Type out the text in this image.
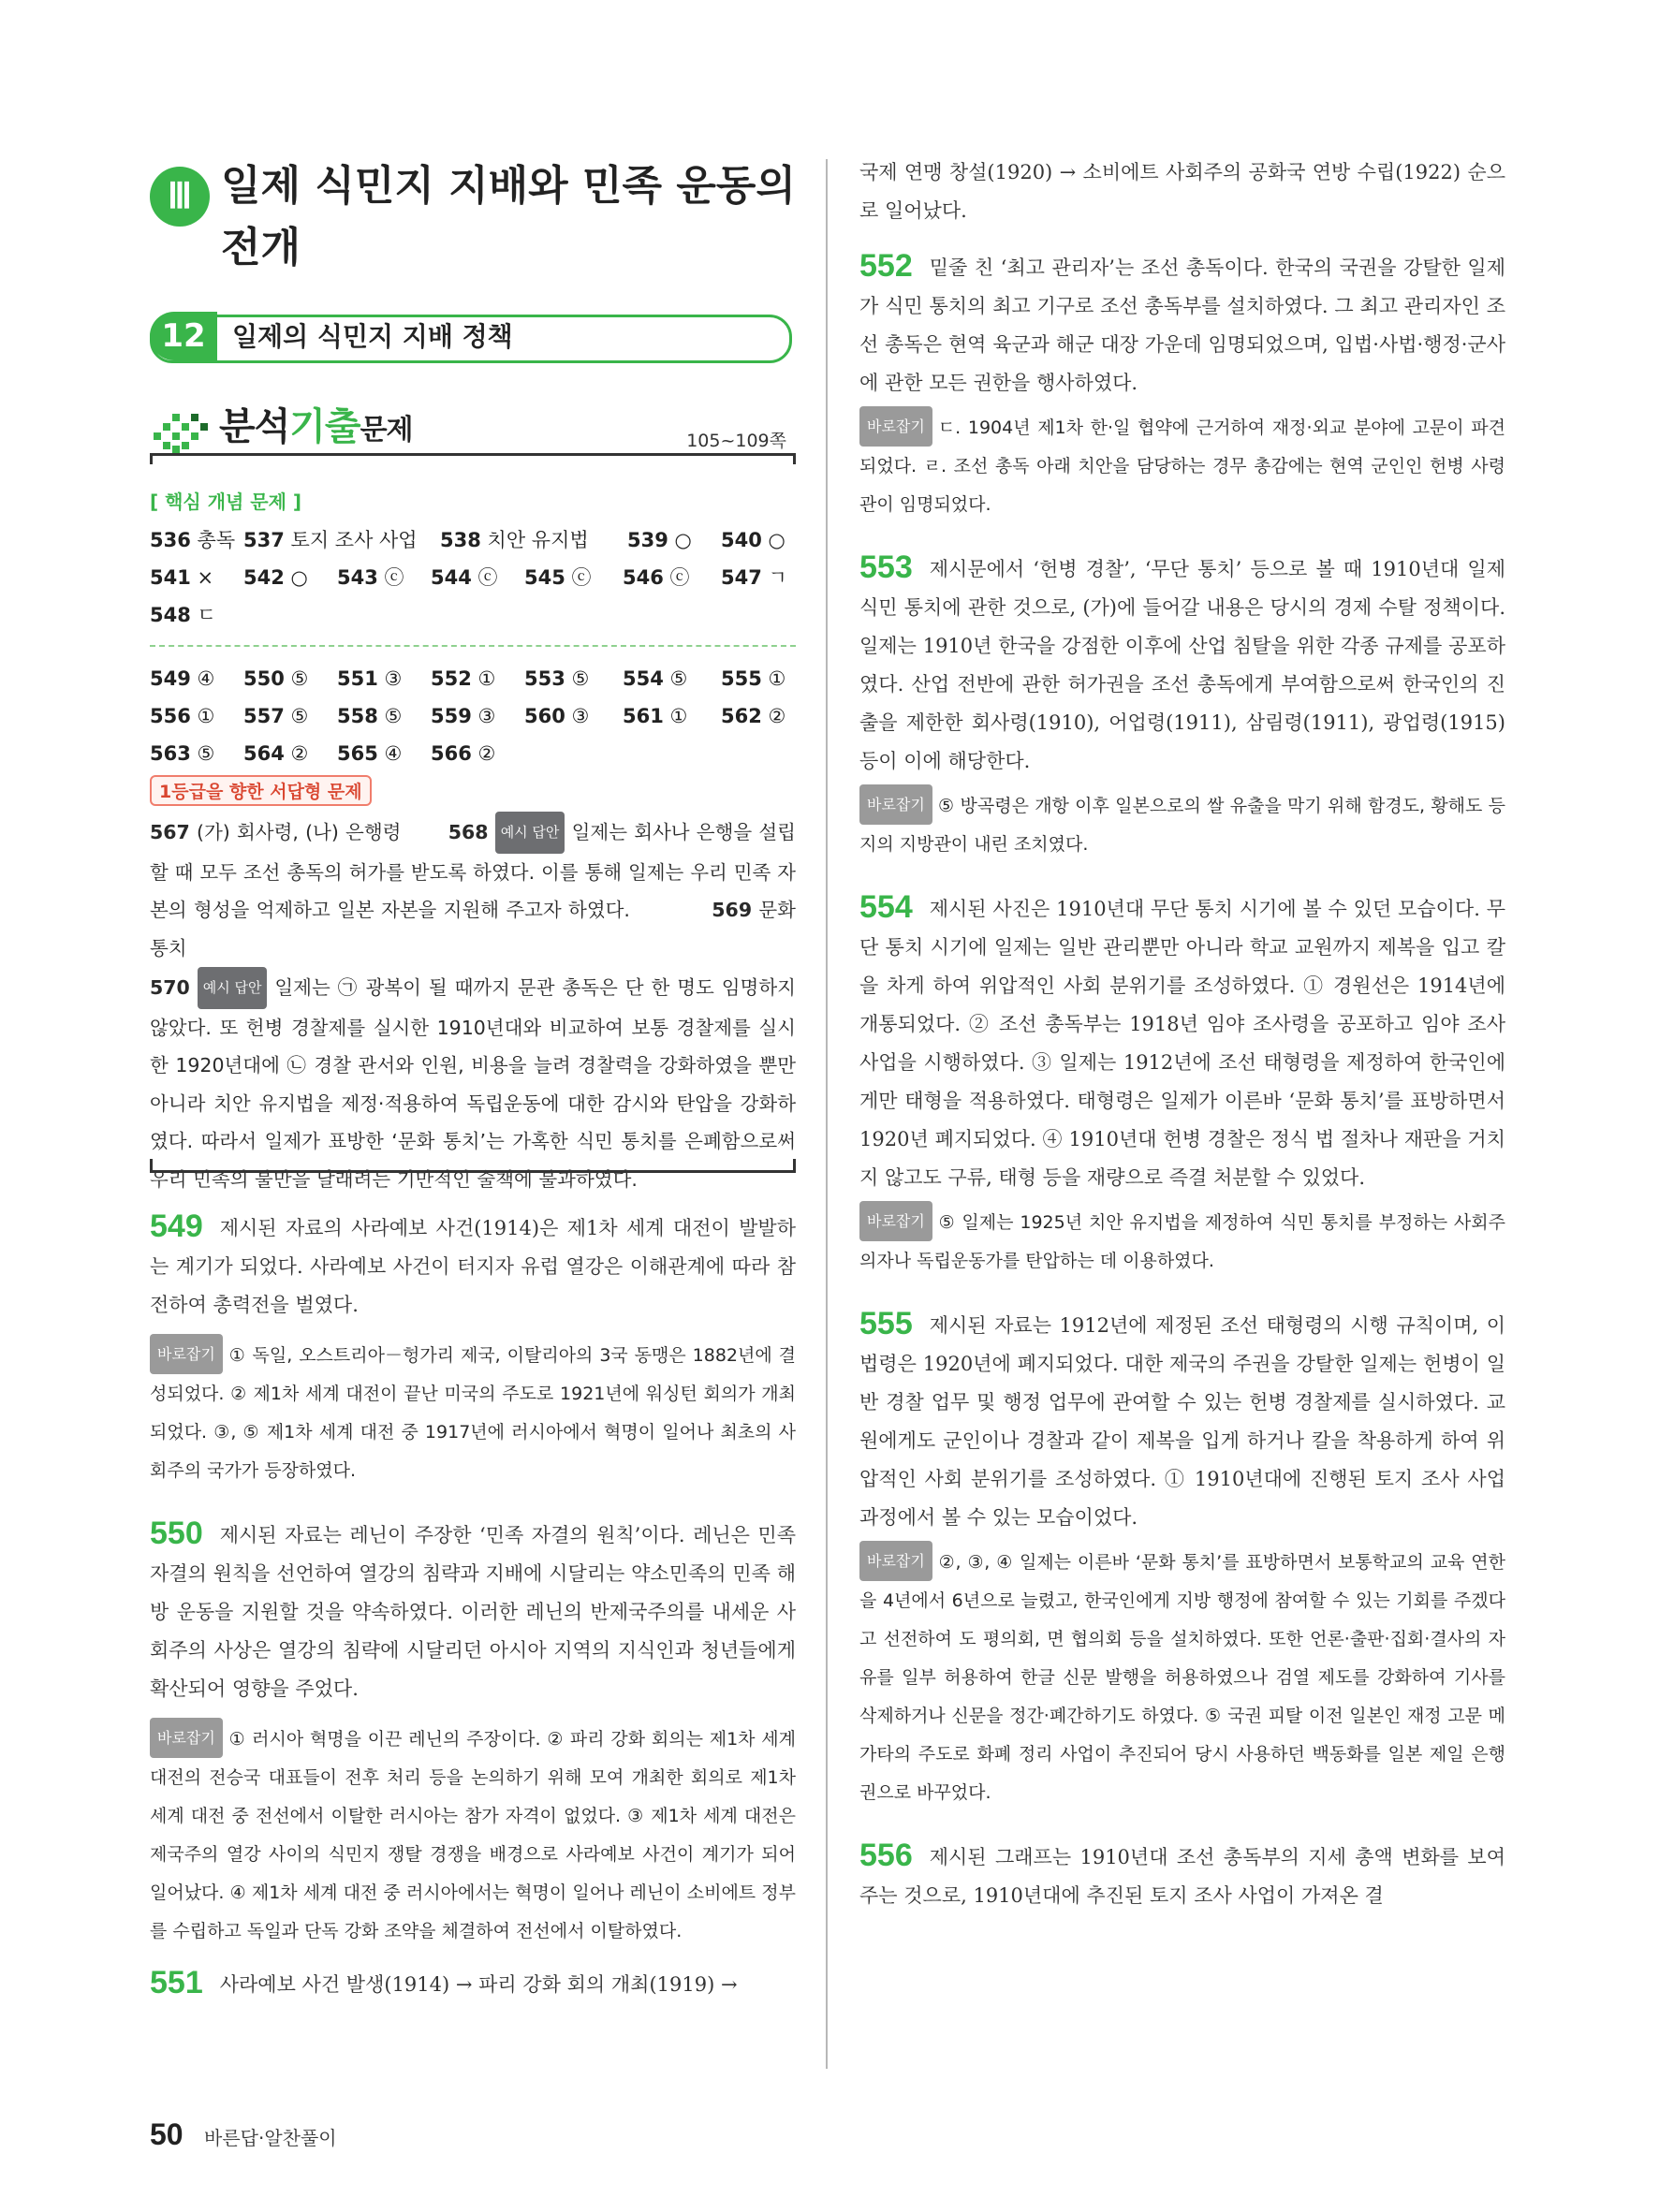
Ⅲ 일제 식민지 지배와 민족 운동의 전개
12	일제의 식민지 지배 정책
분석기출문제	105~109쪽
[ 핵심 개념 문제 ]
536 총독 537 토지 조사 사업 538 치안 유지법 539 ○ 540 ○
541 × 542 ○ 543 ⓒ 544 ⓒ 545 ⓒ 546 ⓒ 547 ㄱ
548 ㄷ
549 ④ 550 ⑤ 551 ③ 552 ① 553 ⑤ 554 ⑤ 555 ①
556 ① 557 ⑤ 558 ⑤ 559 ③ 560 ③ 561 ① 562 ②
563 ⑤ 564 ② 565 ④ 566 ②
1등급을 향한 서답형 문제

567 (가) 회사령, (나) 은행령 568 예시 답안 일제는 회사나 은행을 설립할 때 모두 조선 총독의 허가를 받도록 하였다. 이를 통해 일제는 우리 민족 자본의 형성을 억제하고 일본 자본을 지원해 주고자 하였다.	569 문화 통치

570 예시 답안 일제는 ㉠ 광복이 될 때까지 문관 총독은 단 한 명도 임명하지 않았다. 또 헌병 경찰제를 실시한 1910년대와 비교하여 보통 경찰제를 실시한 1920년대에 ㉡ 경찰 관서와 인원, 비용을 늘려 경찰력을 강화하였을 뿐만 아니라 치안 유지법을 제정·적용하여 독립운동에 대한 감시와 탄압을 강화하였다. 따라서 일제가 표방한 ‘문화 통치’는 가혹한 식민 통치를 은폐함으로써 우리 민족의 불만을 달래려는 기만적인 술책에 불과하였다.

549 제시된 자료의 사라예보 사건(1914)은 제1차 세계 대전이 발발하는 계기가 되었다. 사라예보 사건이 터지자 유럽 열강은 이해관계에 따라 참전하여 총력전을 벌였다.

바로잡기 ① 독일, 오스트리아－헝가리 제국, 이탈리아의 3국 동맹은 1882년에 결성되었다. ② 제1차 세계 대전이 끝난 미국의 주도로 1921년에 워싱턴 회의가 개최되었다. ③, ⑤ 제1차 세계 대전 중 1917년에 러시아에서 혁명이 일어나 최초의 사회주의 국가가 등장하였다.

550 제시된 자료는 레닌이 주장한 ‘민족 자결의 원칙’이다. 레닌은 민족 자결의 원칙을 선언하여 열강의 침략과 지배에 시달리는 약소민족의 민족 해방 운동을 지원할 것을 약속하였다. 이러한 레닌의 반제국주의를 내세운 사회주의 사상은 열강의 침략에 시달리던 아시아 지역의 지식인과 청년들에게 확산되어 영향을 주었다.

바로잡기 ① 러시아 혁명을 이끈 레닌의 주장이다. ② 파리 강화 회의는 제1차 세계 대전의 전승국 대표들이 전후 처리 등을 논의하기 위해 모여 개최한 회의로 제1차 세계 대전 중 전선에서 이탈한 러시아는 참가 자격이 없었다. ③ 제1차 세계 대전은 제국주의 열강 사이의 식민지 쟁탈 경쟁을 배경으로 사라예보 사건이 계기가 되어 일어났다. ④ 제1차 세계 대전 중 러시아에서는 혁명이 일어나 레닌이 소비에트 정부를 수립하고 독일과 단독 강화 조약을 체결하여 전선에서 이탈하였다.

551 사라예보 사건 발생(1914) → 파리 강화 회의 개최(1919) →

국제 연맹 창설(1920) → 소비에트 사회주의 공화국 연방 수립(1922) 순으로 일어났다.

552 밑줄 친 ‘최고 관리자’는 조선 총독이다. 한국의 국권을 강탈한 일제가 식민 통치의 최고 기구로 조선 총독부를 설치하였다. 그 최고 관리자인 조선 총독은 현역 육군과 해군 대장 가운데 임명되었으며, 입법·사법·행정·군사에 관한 모든 권한을 행사하였다.

바로잡기 ㄷ. 1904년 제1차 한·일 협약에 근거하여 재정·외교 분야에 고문이 파견되었다. ㄹ. 조선 총독 아래 치안을 담당하는 경무 총감에는 현역 군인인 헌병 사령관이 임명되었다.

553 제시문에서 ‘헌병 경찰’, ‘무단 통치’ 등으로 볼 때 1910년대 일제 식민 통치에 관한 것으로, (가)에 들어갈 내용은 당시의 경제 수탈 정책이다. 일제는 1910년 한국을 강점한 이후에 산업 침탈을 위한 각종 규제를 공포하였다. 산업 전반에 관한 허가권을 조선 총독에게 부여함으로써 한국인의 진출을 제한한 회사령(1910), 어업령(1911), 삼림령(1911), 광업령(1915) 등이 이에 해당한다.

바로잡기 ⑤ 방곡령은 개항 이후 일본으로의 쌀 유출을 막기 위해 함경도, 황해도 등지의 지방관이 내린 조치였다.

554 제시된 사진은 1910년대 무단 통치 시기에 볼 수 있던 모습이다. 무단 통치 시기에 일제는 일반 관리뿐만 아니라 학교 교원까지 제복을 입고 칼을 차게 하여 위압적인 사회 분위기를 조성하였다. ① 경원선은 1914년에 개통되었다. ② 조선 총독부는 1918년 임야 조사령을 공포하고 임야 조사 사업을 시행하였다. ③ 일제는 1912년에 조선 태형령을 제정하여 한국인에게만 태형을 적용하였다. 태형령은 일제가 이른바 ‘문화 통치’를 표방하면서 1920년 폐지되었다. ④ 1910년대 헌병 경찰은 정식 법 절차나 재판을 거치지 않고도 구류, 태형 등을 재량으로 즉결 처분할 수 있었다.

바로잡기 ⑤ 일제는 1925년 치안 유지법을 제정하여 식민 통치를 부정하는 사회주의자나 독립운동가를 탄압하는 데 이용하였다.

555 제시된 자료는 1912년에 제정된 조선 태형령의 시행 규칙이며, 이 법령은 1920년에 폐지되었다. 대한 제국의 주권을 강탈한 일제는 헌병이 일반 경찰 업무 및 행정 업무에 관여할 수 있는 헌병 경찰제를 실시하였다. 교원에게도 군인이나 경찰과 같이 제복을 입게 하거나 칼을 착용하게 하여 위압적인 사회 분위기를 조성하였다. ① 1910년대에 진행된 토지 조사 사업 과정에서 볼 수 있는 모습이었다.

바로잡기 ②, ③, ④ 일제는 이른바 ‘문화 통치’를 표방하면서 보통학교의 교육 연한을 4년에서 6년으로 늘렸고, 한국인에게 지방 행정에 참여할 수 있는 기회를 주겠다고 선전하여 도 평의회, 면 협의회 등을 설치하였다. 또한 언론·출판·집회·결사의 자유를 일부 허용하여 한글 신문 발행을 허용하였으나 검열 제도를 강화하여 기사를 삭제하거나 신문을 정간·폐간하기도 하였다. ⑤ 국권 피탈 이전 일본인 재정 고문 메가타의 주도로 화폐 정리 사업이 추진되어 당시 사용하던 백동화를 일본 제일 은행권으로 바꾸었다.

556 제시된 그래프는 1910년대 조선 총독부의 지세 총액 변화를 보여 주는 것으로, 1910년대에 추진된 토지 조사 사업이 가져온 결

50 바른답·알찬풀이
